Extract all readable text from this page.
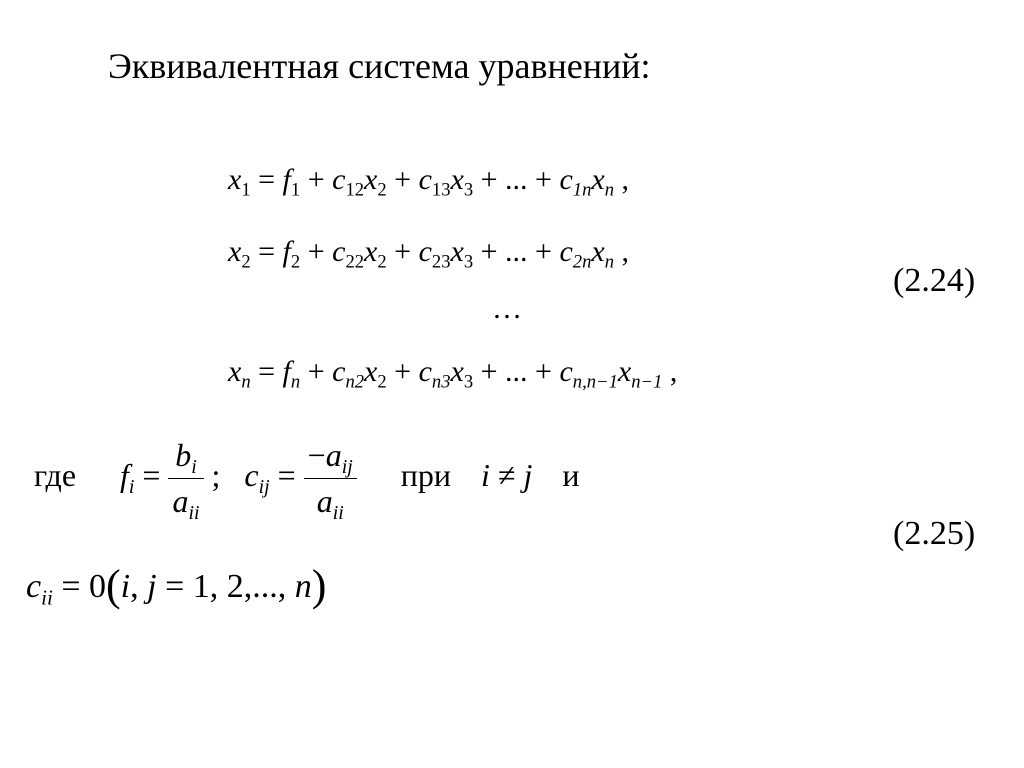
Эквивалентная система уравнений:
$x_1 = f_1 + c_{12}x_2 + c_{13}x_3$ + ... + $c_{1n}x_n$ ,
$x_2 = f_2 + c_{22}x_2 + c_{23}x_3$ + ... + $c_{2n}x_n$ ,
…
$x_n = f_n + c_{n2}x_2 + c_{n3}x_3$ + ... + $c_{n,n-1}x_{n-1}$ ,
(2.24)
где $f_i = \frac{b_i}{a_{ii}}$ ;  $c_{ij} = \frac{-a_{ij}}{a_{ii}}$ при i ≠ j и
(2.25)
$c_{ii} = 0(i$, j = 1, 2,..., n)
